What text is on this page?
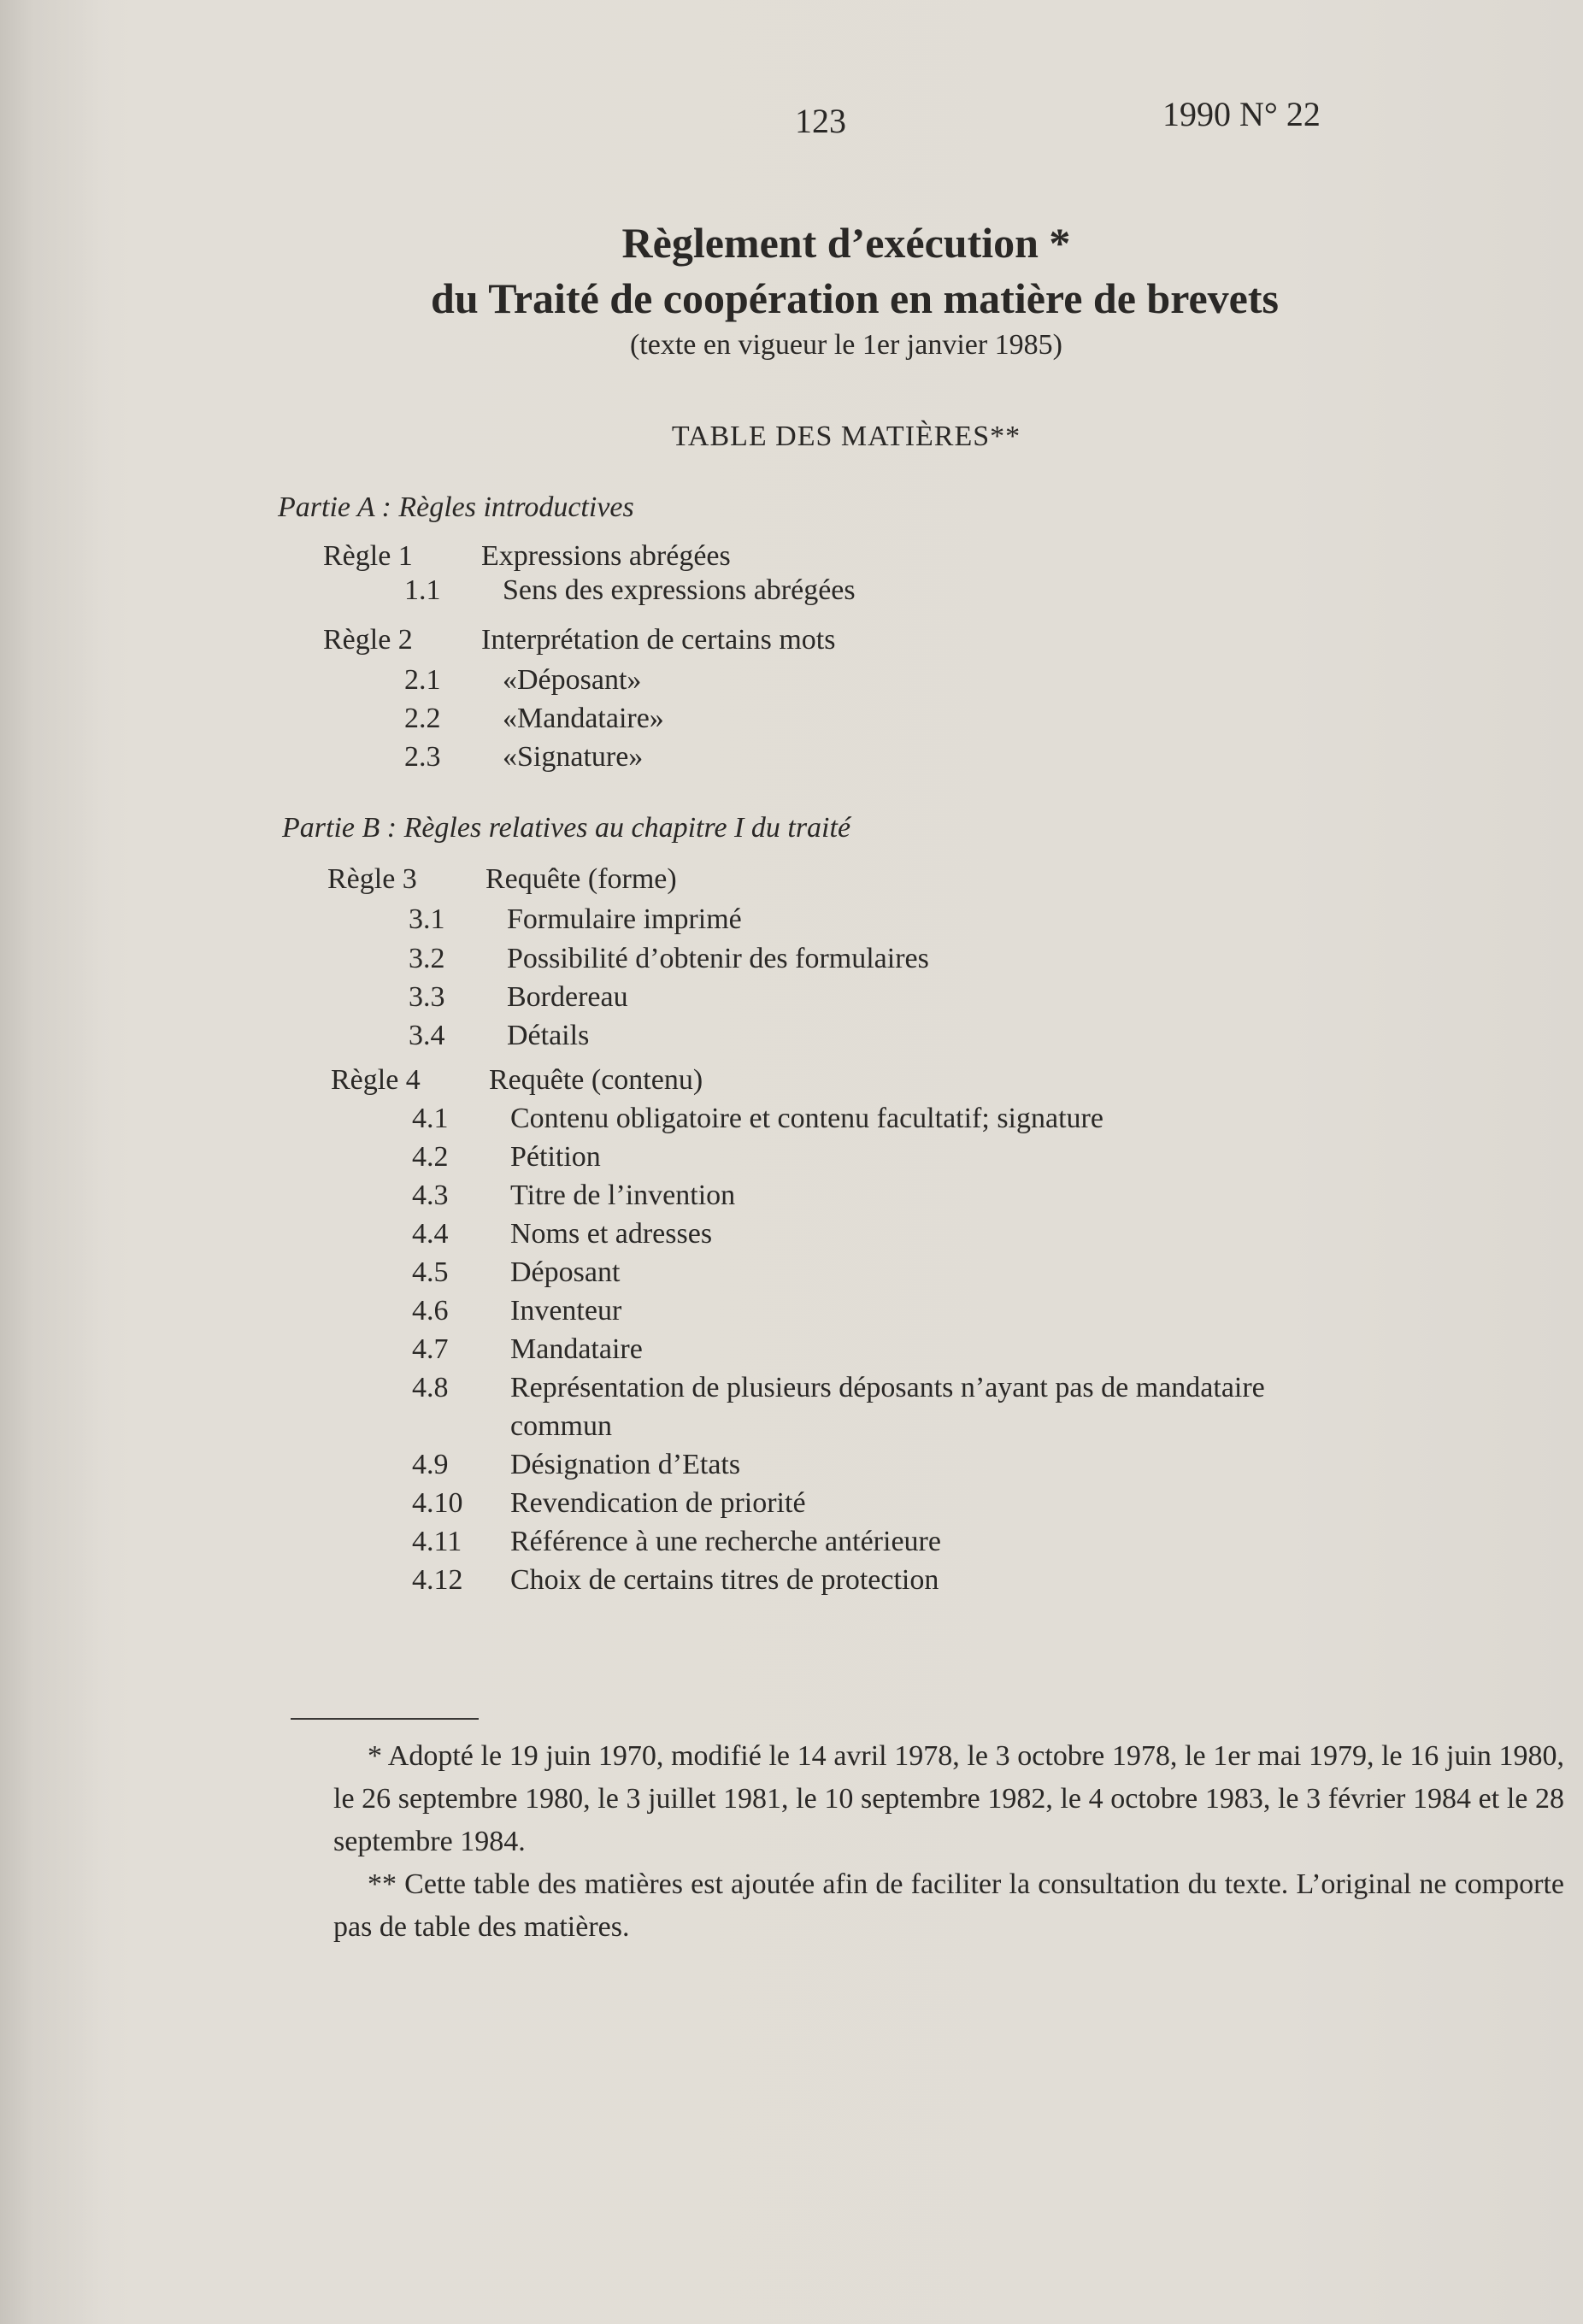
123	1990 N° 22
Règlement d’exécution *
du Traité de coopération en matière de brevets
(texte en vigueur le 1er janvier 1985)
TABLE DES MATIÈRES**
Partie A : Règles introductives
Règle 1 Expressions abrégées
1.1 Sens des expressions abrégées
Règle 2 Interprétation de certains mots
2.1 «Déposant»
2.2 «Mandataire»
2.3 «Signature»
Partie B : Règles relatives au chapitre I du traité
Règle 3 Requête (forme)
3.1 Formulaire imprimé
3.2 Possibilité d’obtenir des formulaires
3.3 Bordereau
3.4 Détails
Règle 4 Requête (contenu)
4.1 Contenu obligatoire et contenu facultatif; signature
4.2 Pétition
4.3 Titre de l’invention
4.4 Noms et adresses
4.5 Déposant
4.6 Inventeur
4.7 Mandataire
4.8 Représentation de plusieurs déposants n’ayant pas de mandataire
commun
4.9 Désignation d’Etats
4.10 Revendication de priorité
4.11 Référence à une recherche antérieure
4.12 Choix de certains titres de protection

* Adopté le 19 juin 1970, modifié le 14 avril 1978, le 3 octobre 1978, le 1er mai 1979, le 16 juin 1980, le 26 septembre 1980, le 3 juillet 1981, le 10 septembre 1982, le 4 octobre 1983, le 3 février 1984 et le 28 septembre 1984.

** Cette table des matières est ajoutée afin de faciliter la consultation du texte. L’original ne comporte pas de table des matières.
